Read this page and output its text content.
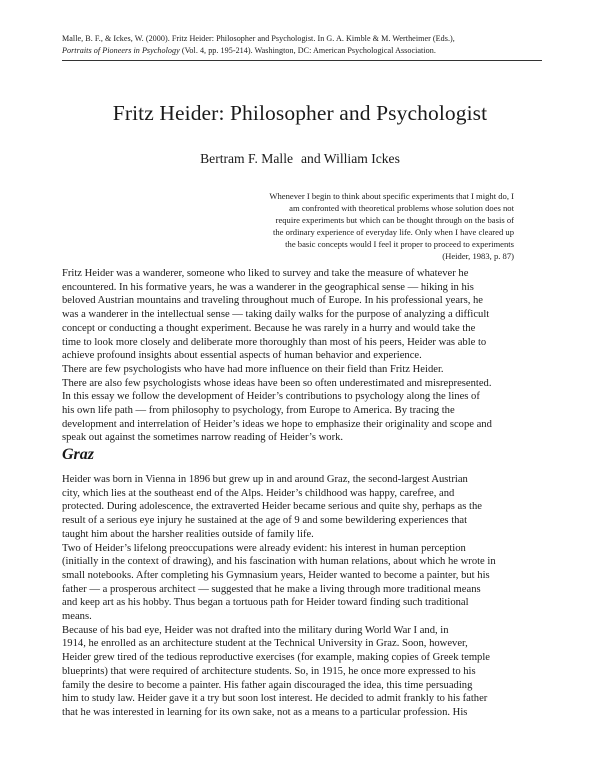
Malle, B. F., & Ickes, W. (2000). Fritz Heider: Philosopher and Psychologist. In G. A. Kimble & M. Wertheimer (Eds.),
Portraits of Pioneers in Psychology (Vol. 4, pp. 195-214). Washington, DC: American Psychological Association.
Fritz Heider: Philosopher and Psychologist
Bertram F. Malle and William Ickes
Whenever I begin to think about specific experiments that I might do, I
am confronted with theoretical problems whose solution does not
require experiments but which can be thought through on the basis of
the ordinary experience of everyday life. Only when I have cleared up
the basic concepts would I feel it proper to proceed to experiments
(Heider, 1983, p. 87)
Fritz Heider was a wanderer, someone who liked to survey and take the measure of whatever he
encountered. In his formative years, he was a wanderer in the geographical sense — hiking in his
beloved Austrian mountains and traveling throughout much of Europe. In his professional years, he
was a wanderer in the intellectual sense — taking daily walks for the purpose of analyzing a difficult
concept or conducting a thought experiment. Because he was rarely in a hurry and would take the
time to look more closely and deliberate more thoroughly than most of his peers, Heider was able to
achieve profound insights about essential aspects of human behavior and experience.
There are few psychologists who have had more influence on their field than Fritz Heider.
There are also few psychologists whose ideas have been so often underestimated and misrepresented.
In this essay we follow the development of Heider’s contributions to psychology along the lines of
his own life path — from philosophy to psychology, from Europe to America. By tracing the
development and interrelation of Heider’s ideas we hope to emphasize their originality and scope and
speak out against the sometimes narrow reading of Heider’s work.
Graz
Heider was born in Vienna in 1896 but grew up in and around Graz, the second-largest Austrian
city, which lies at the southeast end of the Alps. Heider’s childhood was happy, carefree, and
protected. During adolescence, the extraverted Heider became serious and quite shy, perhaps as the
result of a serious eye injury he sustained at the age of 9 and some bewildering experiences that
taught him about the harsher realities outside of family life.
Two of Heider’s lifelong preoccupations were already evident: his interest in human perception
(initially in the context of drawing), and his fascination with human relations, about which he wrote in
small notebooks. After completing his Gymnasium years, Heider wanted to become a painter, but his
father — a prosperous architect — suggested that he make a living through more traditional means
and keep art as his hobby. Thus began a tortuous path for Heider toward finding such traditional
means.
Because of his bad eye, Heider was not drafted into the military during World War I and, in
1914, he enrolled as an architecture student at the Technical University in Graz. Soon, however,
Heider grew tired of the tedious reproductive exercises (for example, making copies of Greek temple
blueprints) that were required of architecture students. So, in 1915, he once more expressed to his
family the desire to become a painter. His father again discouraged the idea, this time persuading
him to study law. Heider gave it a try but soon lost interest. He decided to admit frankly to his father
that he was interested in learning for its own sake, not as a means to a particular profession. His
